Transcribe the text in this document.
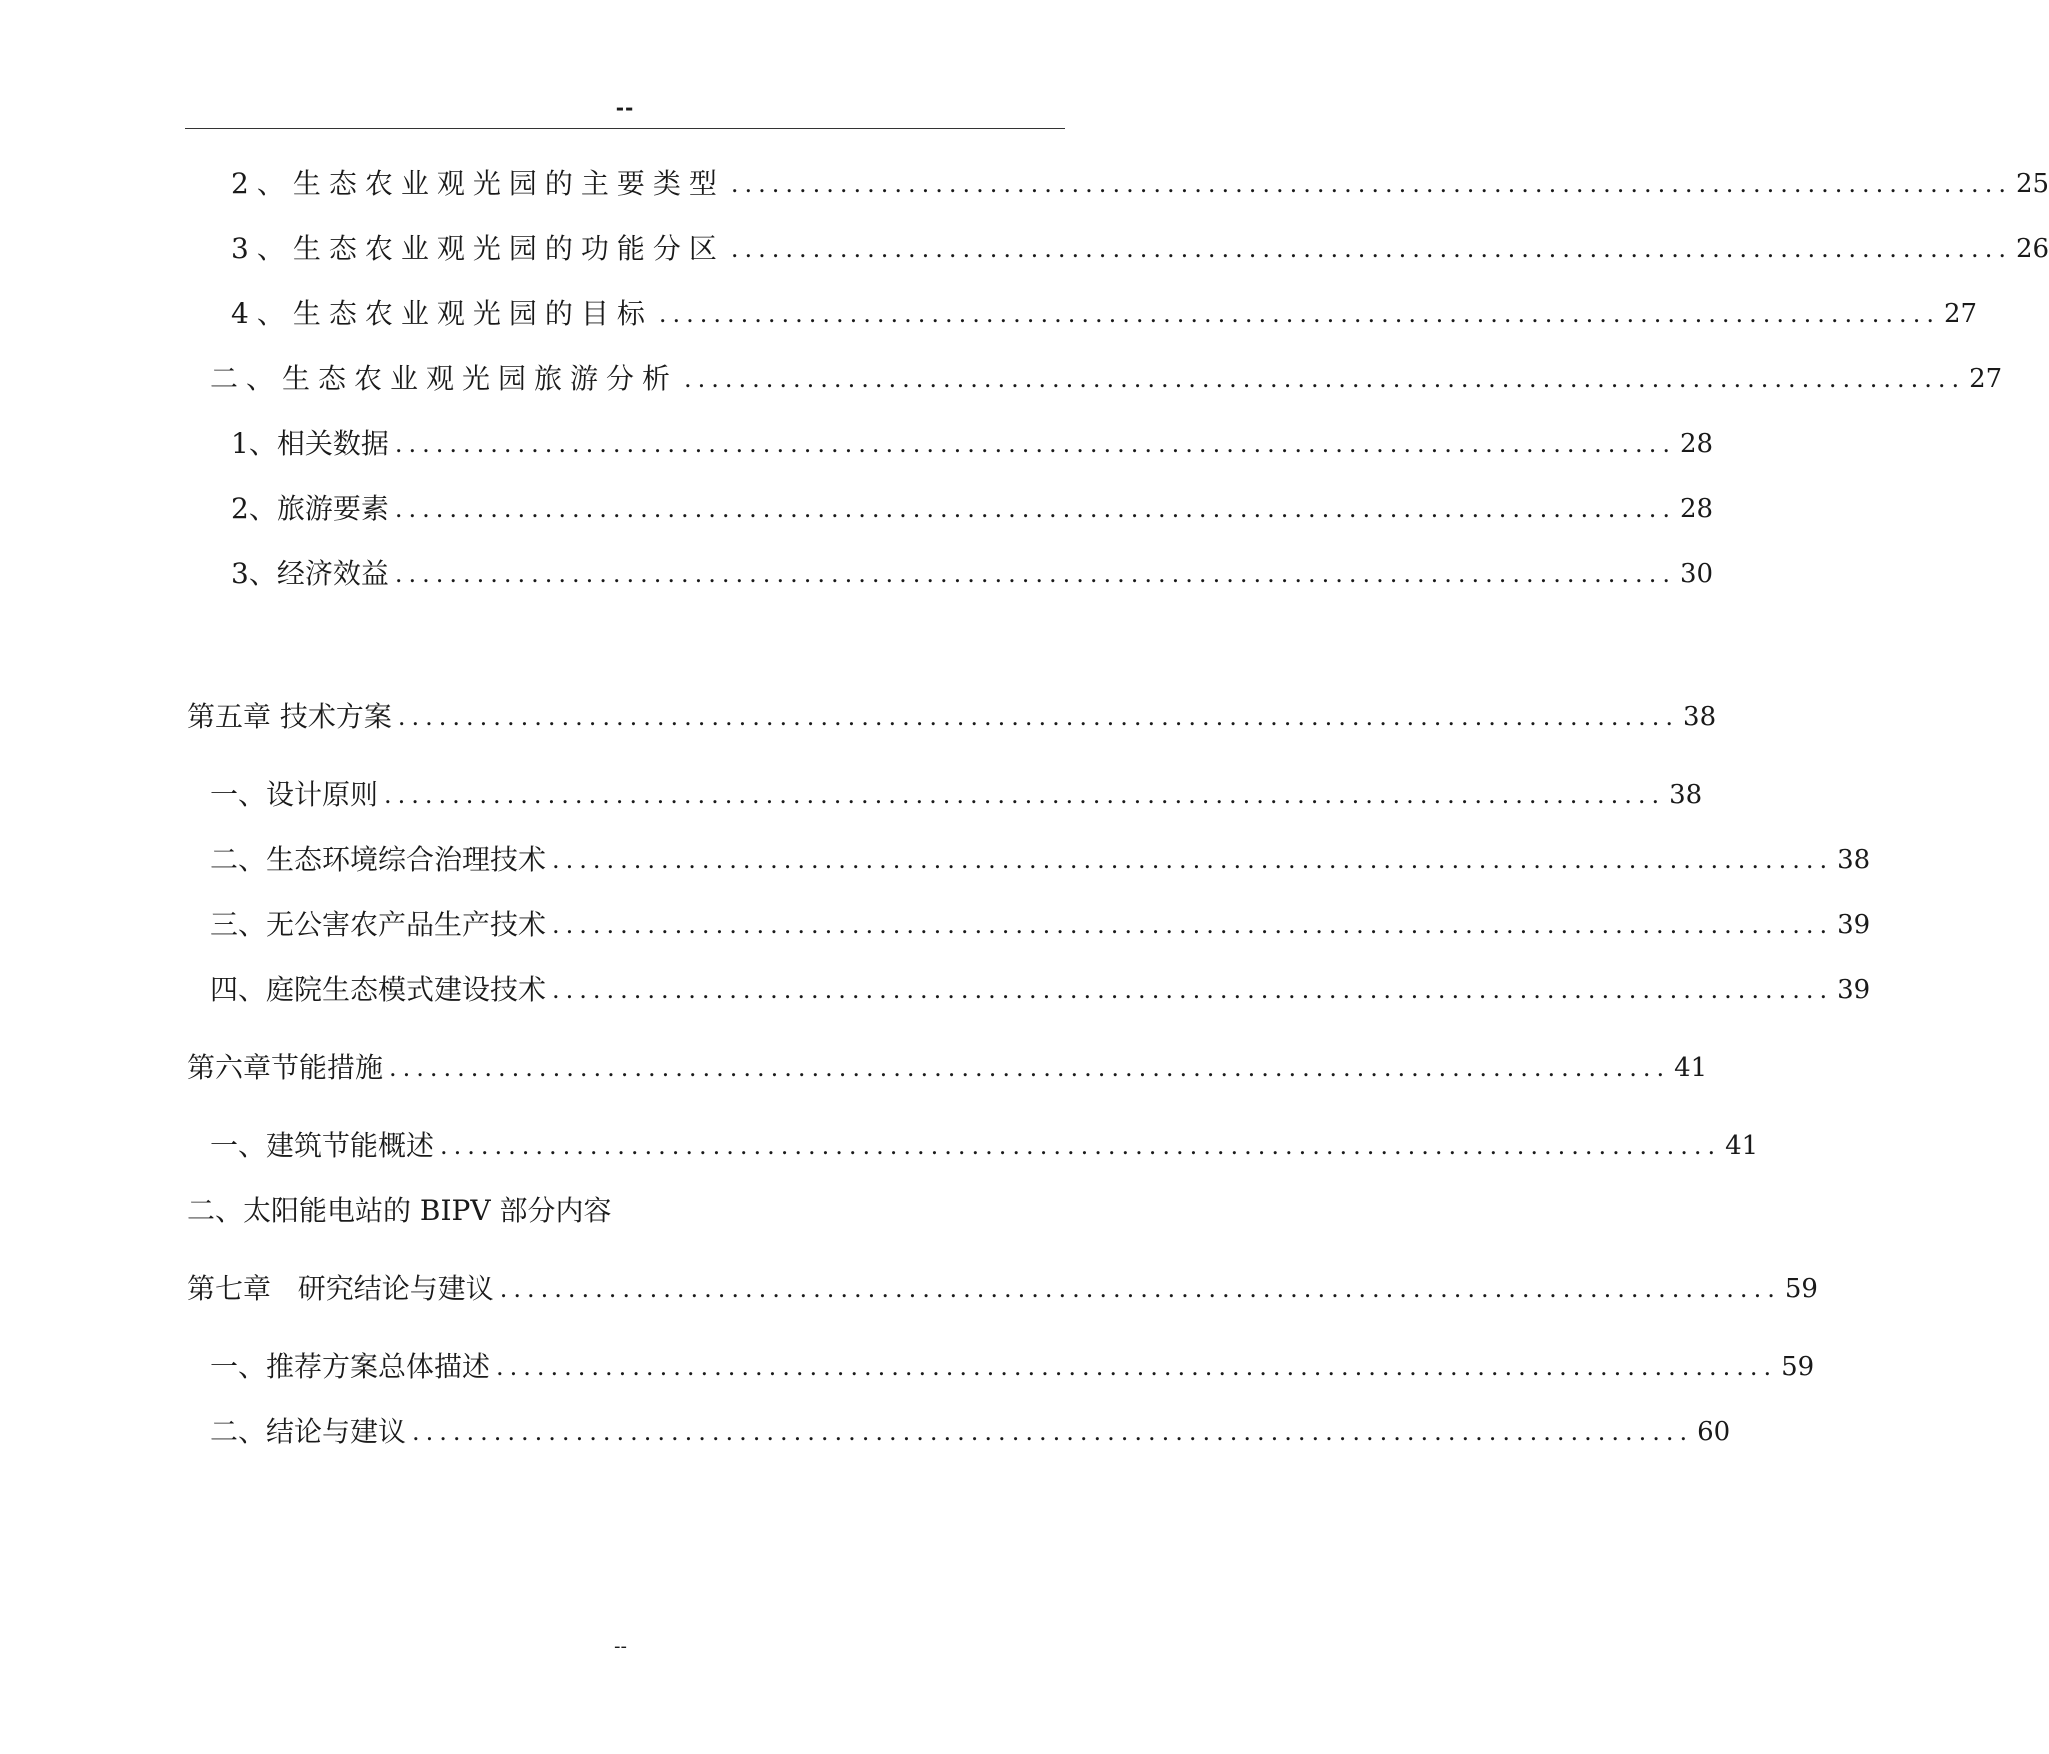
--
2、生态农业观光园的主要类型 .............................................................................................. 25
3、生态农业观光园的功能分区 .............................................................................................. 26
4、生态农业观光园的目标 .............................................................................................. 27
二、生态农业观光园旅游分析 .............................................................................................. 27
1、相关数据 .............................................................................................. 28
2、旅游要素 .............................................................................................. 28
3、经济效益 .............................................................................................. 30
第五章 技术方案 .............................................................................................. 38
一、设计原则 .............................................................................................. 38
二、生态环境综合治理技术 .............................................................................................. 38
三、无公害农产品生产技术 .............................................................................................. 39
四、庭院生态模式建设技术 .............................................................................................. 39
第六章节能措施 .............................................................................................. 41
一、建筑节能概述 .............................................................................................. 41
二、太阳能电站的 BIPV 部分内容
第七章   研究结论与建议 .............................................................................................. 59
一、推荐方案总体描述 .............................................................................................. 59
二、结论与建议 .............................................................................................. 60
--
